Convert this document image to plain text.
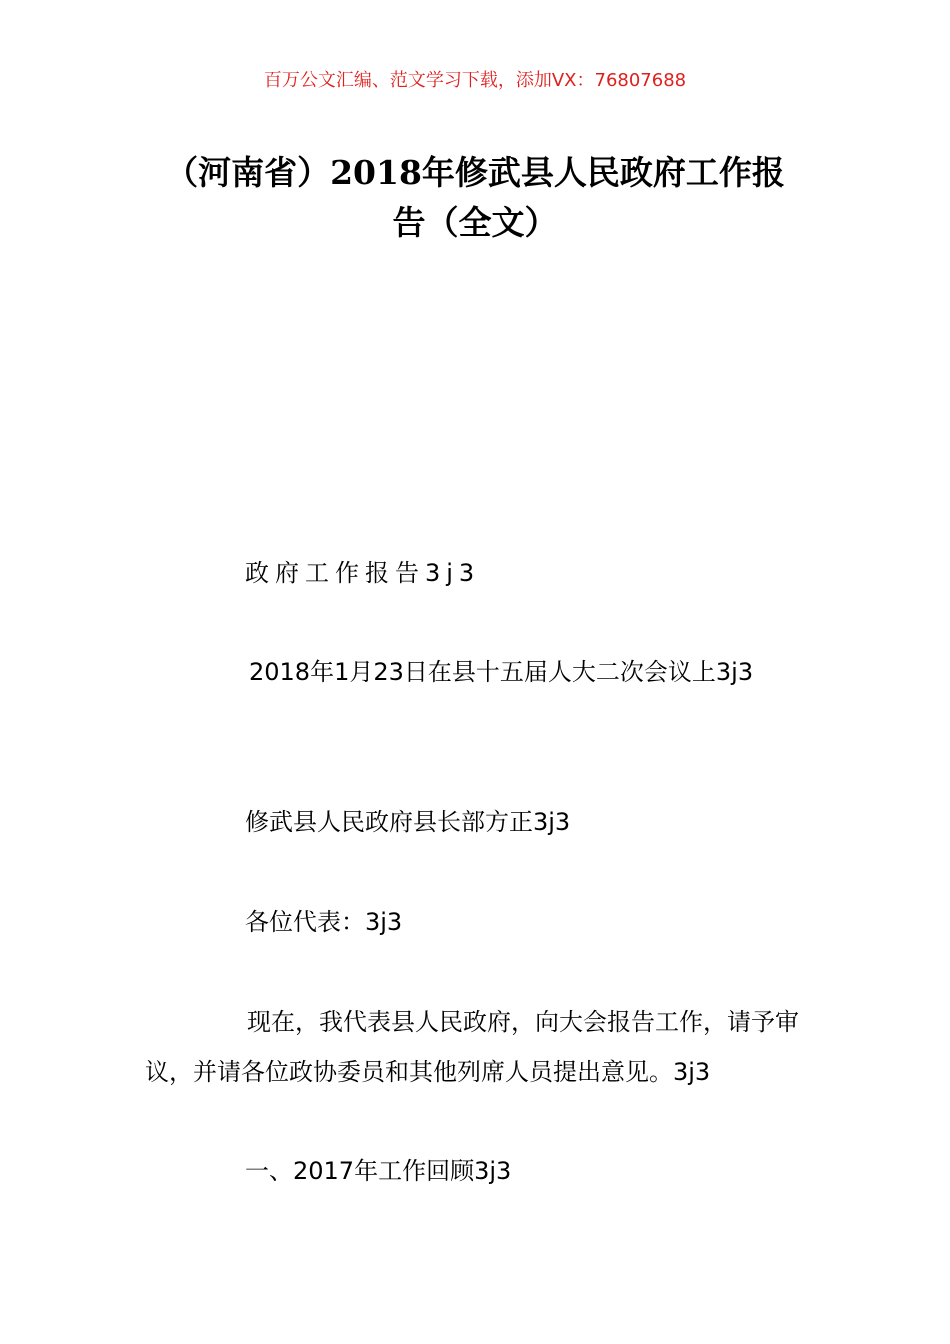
百万公文汇编、范文学习下载，添加VX：76807688
（河南省）2018年修武县人民政府工作报
告（全文）
政府工作报告3j3
2018年1月23日在县十五届人大二次会议上3j3
修武县人民政府县长部方正3j3
各位代表：3j3
现在，我代表县人民政府，向大会报告工作，请予审议，并请各位政协委员和其他列席人员提出意见。3j3
一、2017年工作回顾3j3
